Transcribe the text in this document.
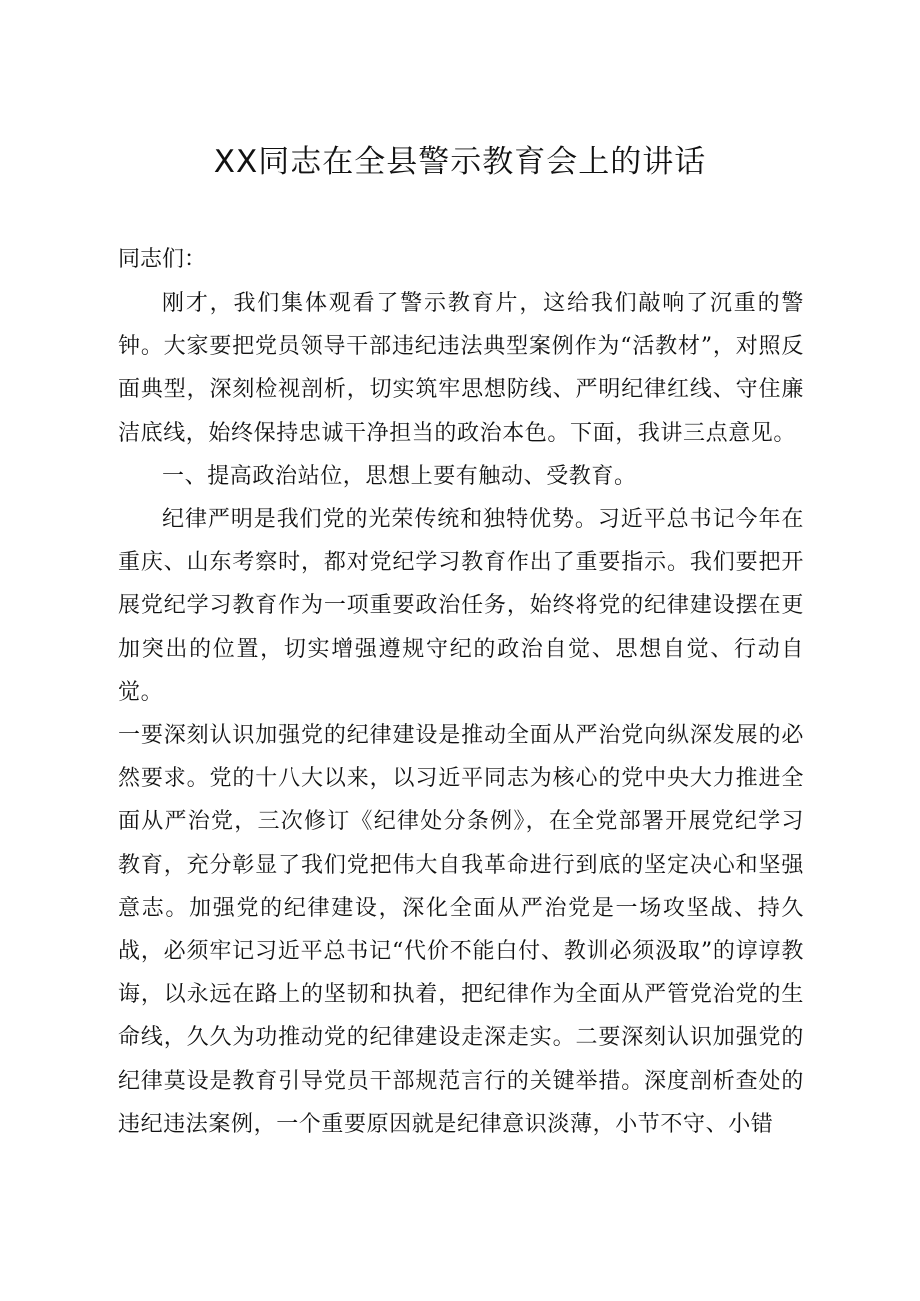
XX同志在全县警示教育会上的讲话

同志们：

刚才，我们集体观看了警示教育片，这给我们敲响了沉重的警钟。大家要把党员领导干部违纪违法典型案例作为“活教材”，对照反面典型，深刻检视剖析，切实筑牢思想防线、严明纪律红线、守住廉洁底线，始终保持忠诚干净担当的政治本色。下面，我讲三点意见。

一、提高政治站位，思想上要有触动、受教育。

纪律严明是我们党的光荣传统和独特优势。习近平总书记今年在重庆、山东考察时，都对党纪学习教育作出了重要指示。我们要把开展党纪学习教育作为一项重要政治任务，始终将党的纪律建设摆在更加突出的位置，切实增强遵规守纪的政治自觉、思想自觉、行动自觉。

一要深刻认识加强党的纪律建设是推动全面从严治党向纵深发展的必然要求。党的十八大以来，以习近平同志为核心的党中央大力推进全面从严治党，三次修订《纪律处分条例》，在全党部署开展党纪学习教育，充分彰显了我们党把伟大自我革命进行到底的坚定决心和坚强意志。加强党的纪律建设，深化全面从严治党是一场攻坚战、持久战，必须牢记习近平总书记“代价不能白付、教训必须汲取”的谆谆教诲，以永远在路上的坚韧和执着，把纪律作为全面从严管党治党的生命线，久久为功推动党的纪律建设走深走实。二要深刻认识加强党的纪律莫设是教育引导党员干部规范言行的关键举措。深度剖析查处的违纪违法案例，一个重要原因就是纪律意识淡薄，小节不守、小错
